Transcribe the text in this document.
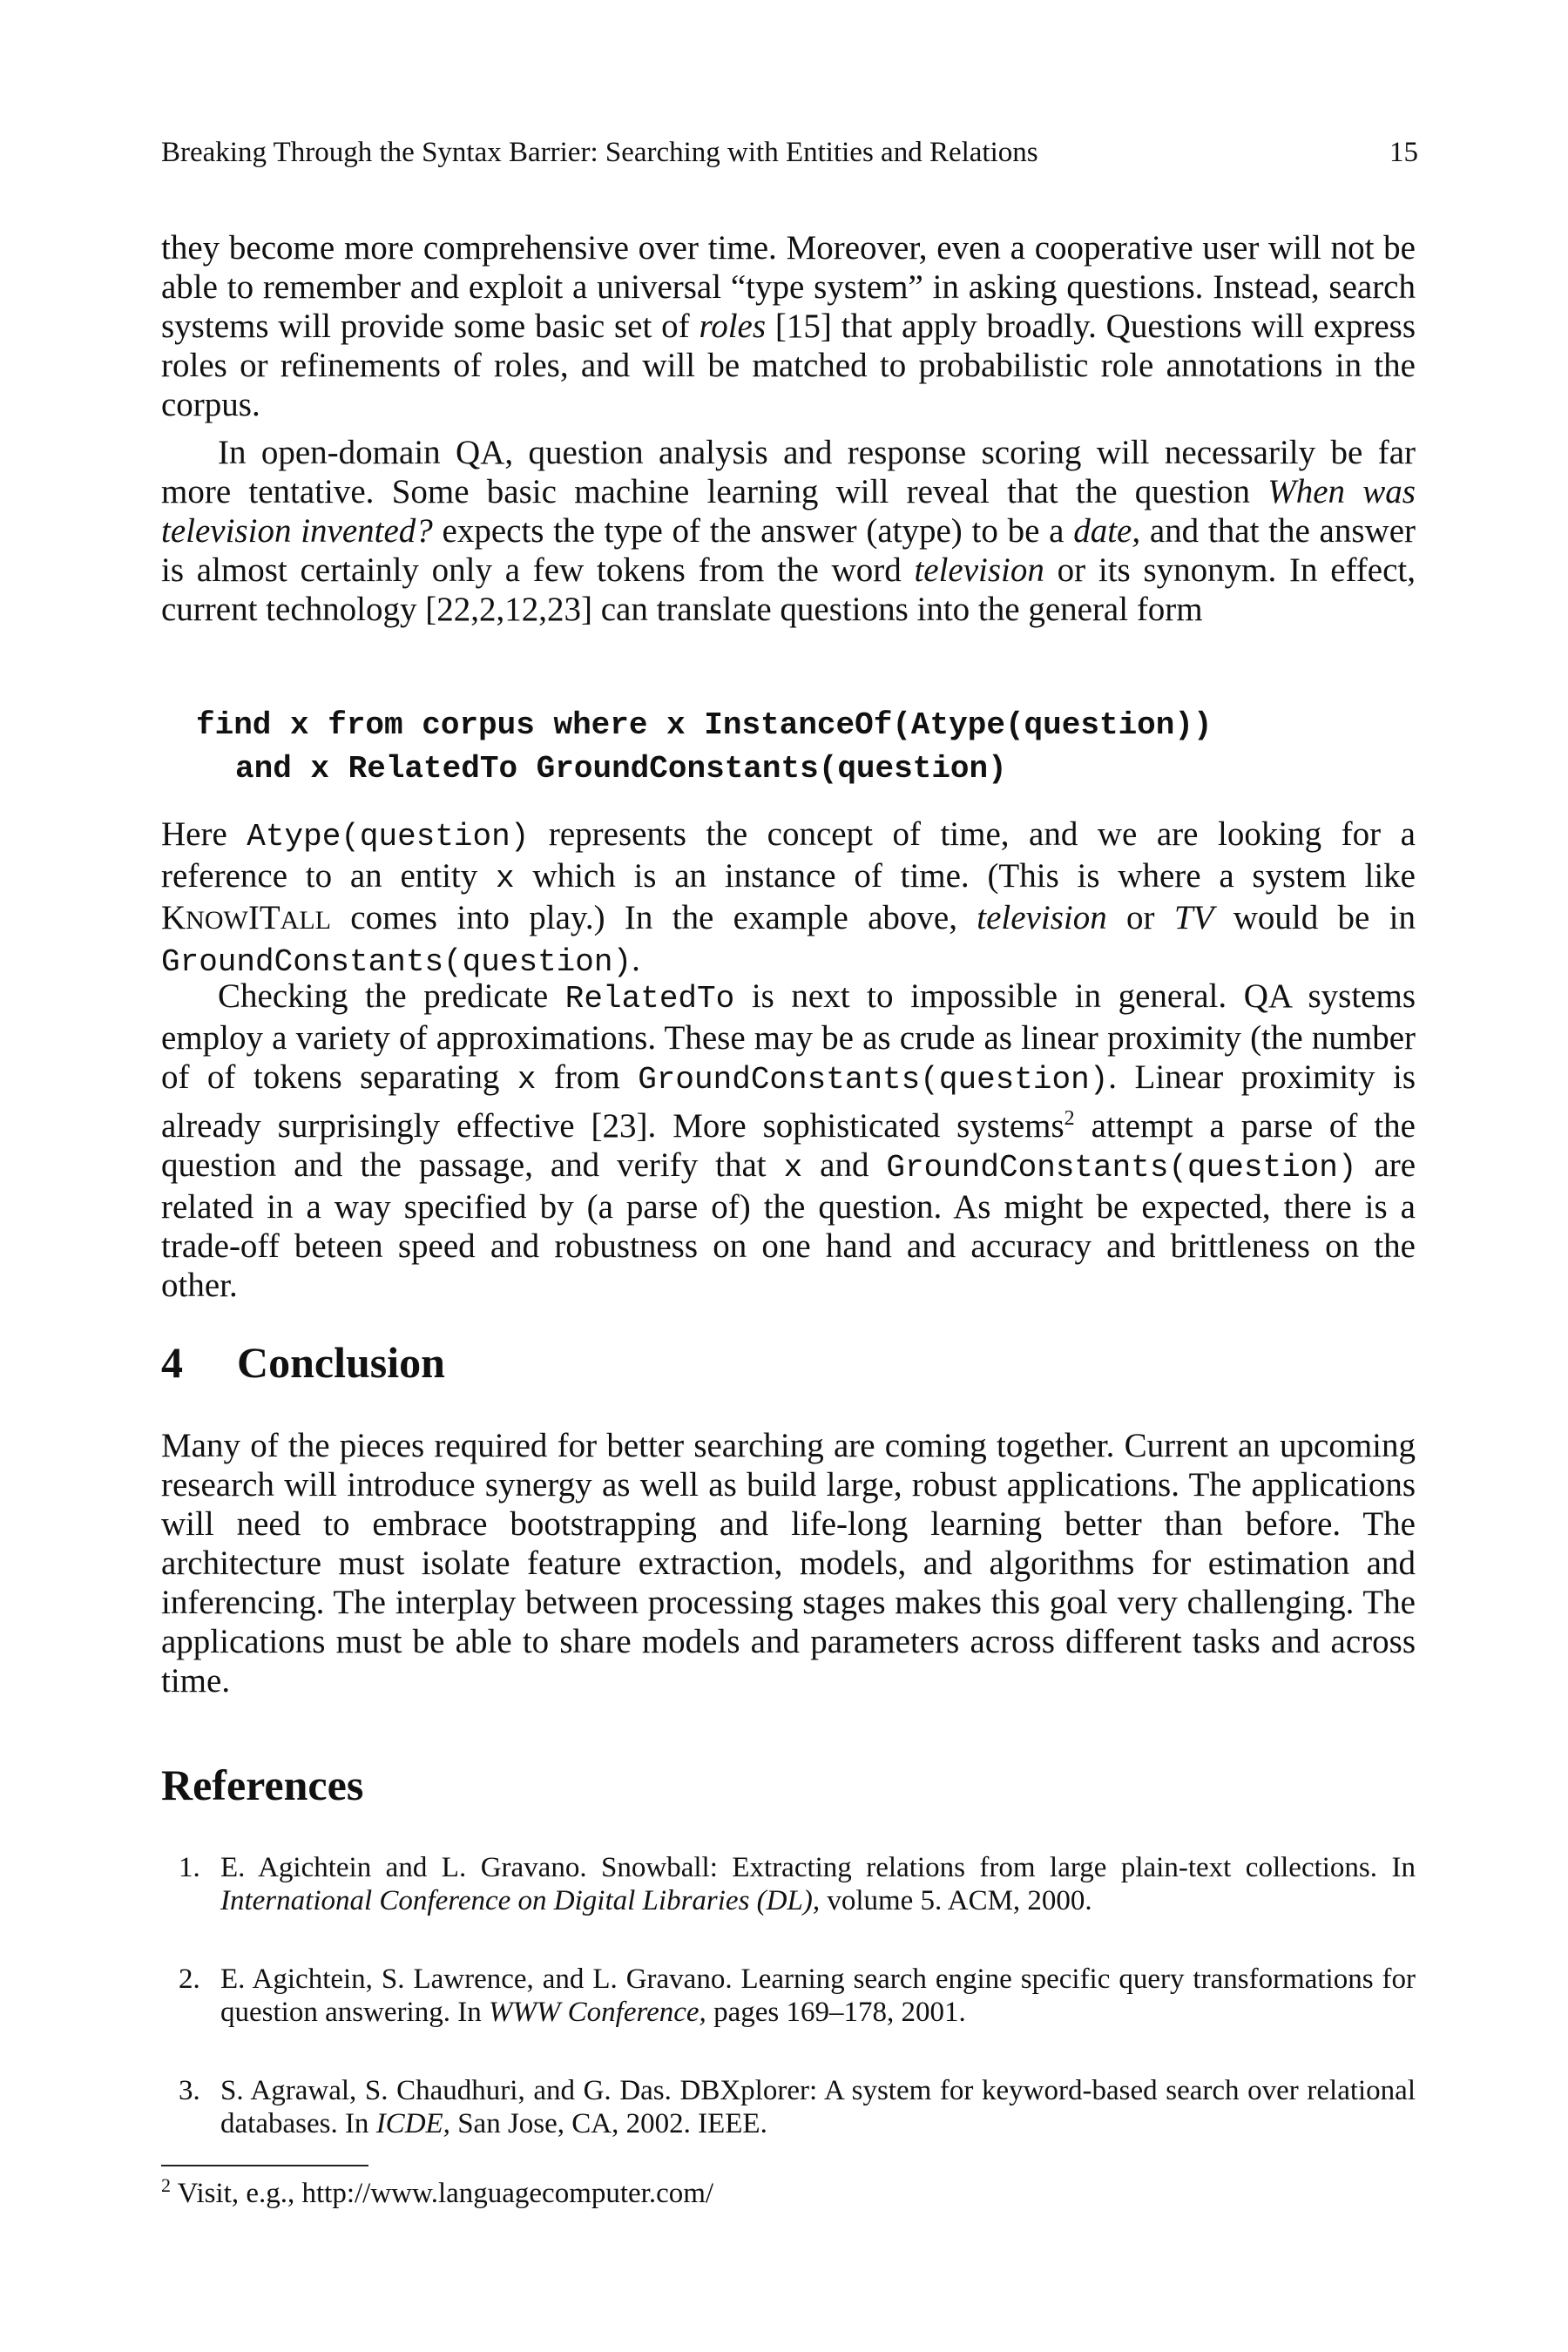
Breaking Through the Syntax Barrier: Searching with Entities and Relations	15

they become more comprehensive over time. Moreover, even a cooperative user will not be able to remember and exploit a universal “type system” in asking questions. Instead, search systems will provide some basic set of roles [15] that apply broadly. Questions will express roles or refinements of roles, and will be matched to probabilistic role annotations in the corpus.

In open-domain QA, question analysis and response scoring will necessarily be far more tentative. Some basic machine learning will reveal that the question When was television invented? expects the type of the answer (atype) to be a date, and that the answer is almost certainly only a few tokens from the word television or its synonym. In effect, current technology [22,2,12,23] can translate questions into the general form

find x from corpus where x InstanceOf(Atype(question))
and x RelatedTo GroundConstants(question)

Here Atype(question) represents the concept of time, and we are looking for a reference to an entity x which is an instance of time. (This is where a system like KNOWITALL comes into play.) In the example above, television or TV would be in GroundConstants(question).

Checking the predicate RelatedTo is next to impossible in general. QA systems employ a variety of approximations. These may be as crude as linear proximity (the number of of tokens separating x from GroundConstants(question). Linear proximity is already surprisingly effective [23]. More sophisticated systems$^2$ attempt a parse of the question and the passage, and verify that x and GroundConstants(question) are related in a way specified by (a parse of) the question. As might be expected, there is a trade-off beteen speed and robustness on one hand and accuracy and brittleness on the other.

4 Conclusion

Many of the pieces required for better searching are coming together. Current an upcoming research will introduce synergy as well as build large, robust applications. The applications will need to embrace bootstrapping and life-long learning better than before. The architecture must isolate feature extraction, models, and algorithms for estimation and inferencing. The interplay between processing stages makes this goal very challenging. The applications must be able to share models and parameters across different tasks and across time.

References
1. E. Agichtein and L. Gravano. Snowball: Extracting relations from large plain-text collections. In International Conference on Digital Libraries (DL), volume 5. ACM, 2000.
2. E. Agichtein, S. Lawrence, and L. Gravano. Learning search engine specific query transformations for question answering. In WWW Conference, pages 169–178, 2001.
3. S. Agrawal, S. Chaudhuri, and G. Das. DBXplorer: A system for keyword-based search over relational databases. In ICDE, San Jose, CA, 2002. IEEE.
$^2$ Visit, e.g., http://www.languagecomputer.com/
